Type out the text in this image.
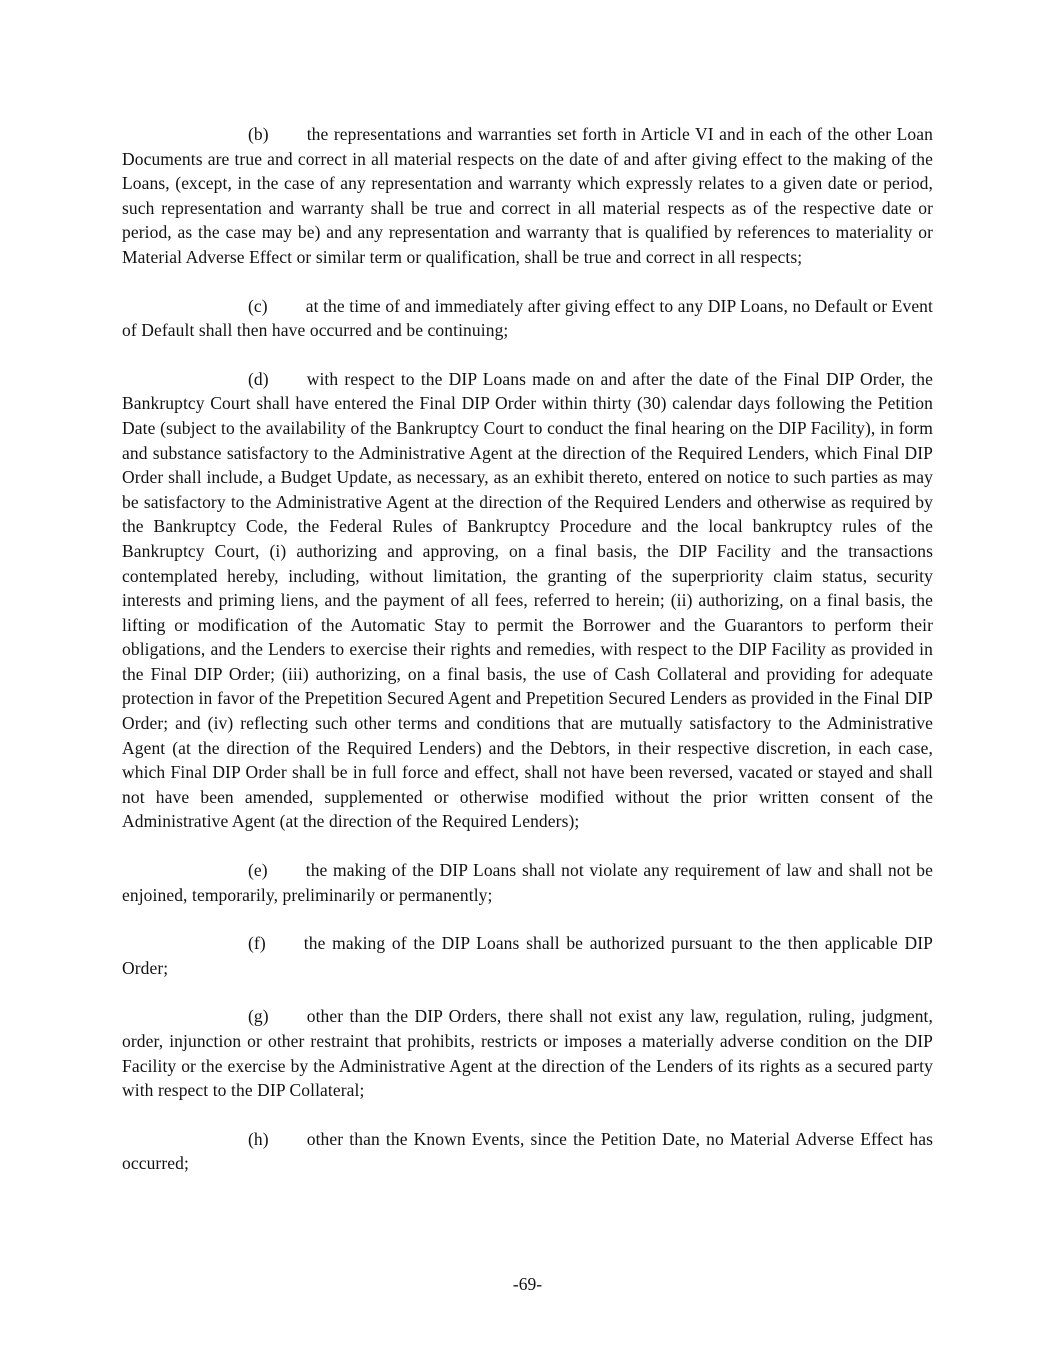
(b) the representations and warranties set forth in Article VI and in each of the other Loan Documents are true and correct in all material respects on the date of and after giving effect to the making of the Loans, (except, in the case of any representation and warranty which expressly relates to a given date or period, such representation and warranty shall be true and correct in all material respects as of the respective date or period, as the case may be) and any representation and warranty that is qualified by references to materiality or Material Adverse Effect or similar term or qualification, shall be true and correct in all respects;

(c) at the time of and immediately after giving effect to any DIP Loans, no Default or Event of Default shall then have occurred and be continuing;

(d) with respect to the DIP Loans made on and after the date of the Final DIP Order, the Bankruptcy Court shall have entered the Final DIP Order within thirty (30) calendar days following the Petition Date (subject to the availability of the Bankruptcy Court to conduct the final hearing on the DIP Facility), in form and substance satisfactory to the Administrative Agent at the direction of the Required Lenders, which Final DIP Order shall include, a Budget Update, as necessary, as an exhibit thereto, entered on notice to such parties as may be satisfactory to the Administrative Agent at the direction of the Required Lenders and otherwise as required by the Bankruptcy Code, the Federal Rules of Bankruptcy Procedure and the local bankruptcy rules of the Bankruptcy Court, (i) authorizing and approving, on a final basis, the DIP Facility and the transactions contemplated hereby, including, without limitation, the granting of the superpriority claim status, security interests and priming liens, and the payment of all fees, referred to herein; (ii) authorizing, on a final basis, the lifting or modification of the Automatic Stay to permit the Borrower and the Guarantors to perform their obligations, and the Lenders to exercise their rights and remedies, with respect to the DIP Facility as provided in the Final DIP Order; (iii) authorizing, on a final basis, the use of Cash Collateral and providing for adequate protection in favor of the Prepetition Secured Agent and Prepetition Secured Lenders as provided in the Final DIP Order; and (iv) reflecting such other terms and conditions that are mutually satisfactory to the Administrative Agent (at the direction of the Required Lenders) and the Debtors, in their respective discretion, in each case, which Final DIP Order shall be in full force and effect, shall not have been reversed, vacated or stayed and shall not have been amended, supplemented or otherwise modified without the prior written consent of the Administrative Agent (at the direction of the Required Lenders);

(e) the making of the DIP Loans shall not violate any requirement of law and shall not be enjoined, temporarily, preliminarily or permanently;

(f) the making of the DIP Loans shall be authorized pursuant to the then applicable DIP Order;

(g) other than the DIP Orders, there shall not exist any law, regulation, ruling, judgment, order, injunction or other restraint that prohibits, restricts or imposes a materially adverse condition on the DIP Facility or the exercise by the Administrative Agent at the direction of the Lenders of its rights as a secured party with respect to the DIP Collateral;

(h) other than the Known Events, since the Petition Date, no Material Adverse Effect has occurred;

-69-
